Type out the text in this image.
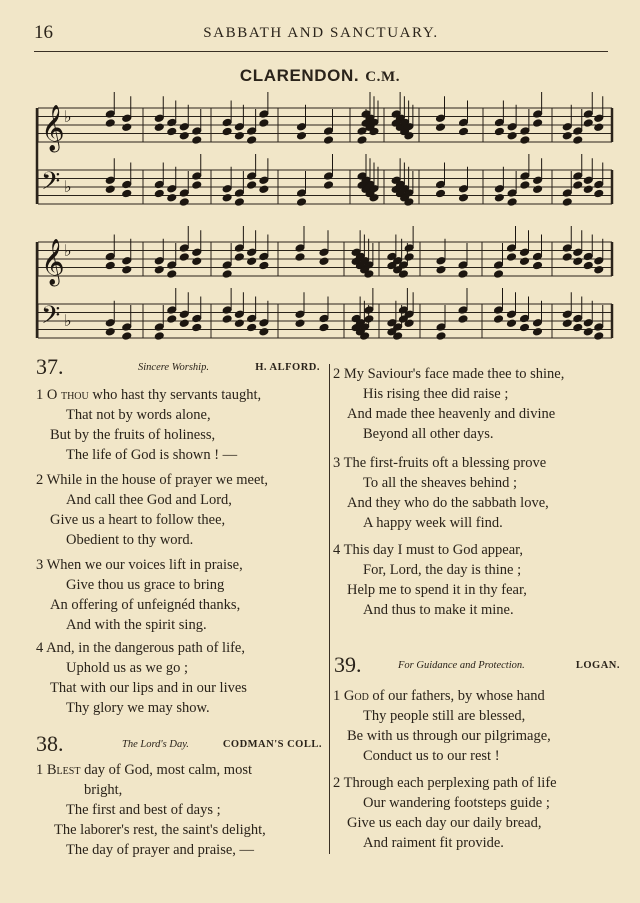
16	SABBATH AND SANCTUARY.
CLARENDON. C.M.
𝄞 ♭
𝄢 ♭
𝄞 ♭
𝄢 ♭
37.	Sincere Worship.	H. ALFORD.
1 O thou who hast thy servants taught,
That not by words alone,
But by the fruits of holiness,
The life of God is shown ! —
2 While in the house of prayer we meet,
And call thee God and Lord,
Give us a heart to follow thee,
Obedient to thy word.
3 When we our voices lift in praise,
Give thou us grace to bring
An offering of unfeignéd thanks,
And with the spirit sing.
4 And, in the dangerous path of life,
Uphold us as we go ;
That with our lips and in our lives
Thy glory we may show.
38.	The Lord's Day.	CODMAN'S COLL.
1 Blest day of God, most calm, most
bright,
The first and best of days ;
The laborer's rest, the saint's delight,
The day of prayer and praise, —
2 My Saviour's face made thee to shine,
His rising thee did raise ;
And made thee heavenly and divine
Beyond all other days.
3 The first-fruits oft a blessing prove
To all the sheaves behind ;
And they who do the sabbath love,
A happy week will find.
4 This day I must to God appear,
For, Lord, the day is thine ;
Help me to spend it in thy fear,
And thus to make it mine.
39.	For Guidance and Protection.	LOGAN.
1 God of our fathers, by whose hand
Thy people still are blessed,
Be with us through our pilgrimage,
Conduct us to our rest !
2 Through each perplexing path of life
Our wandering footsteps guide ;
Give us each day our daily bread,
And raiment fit provide.
